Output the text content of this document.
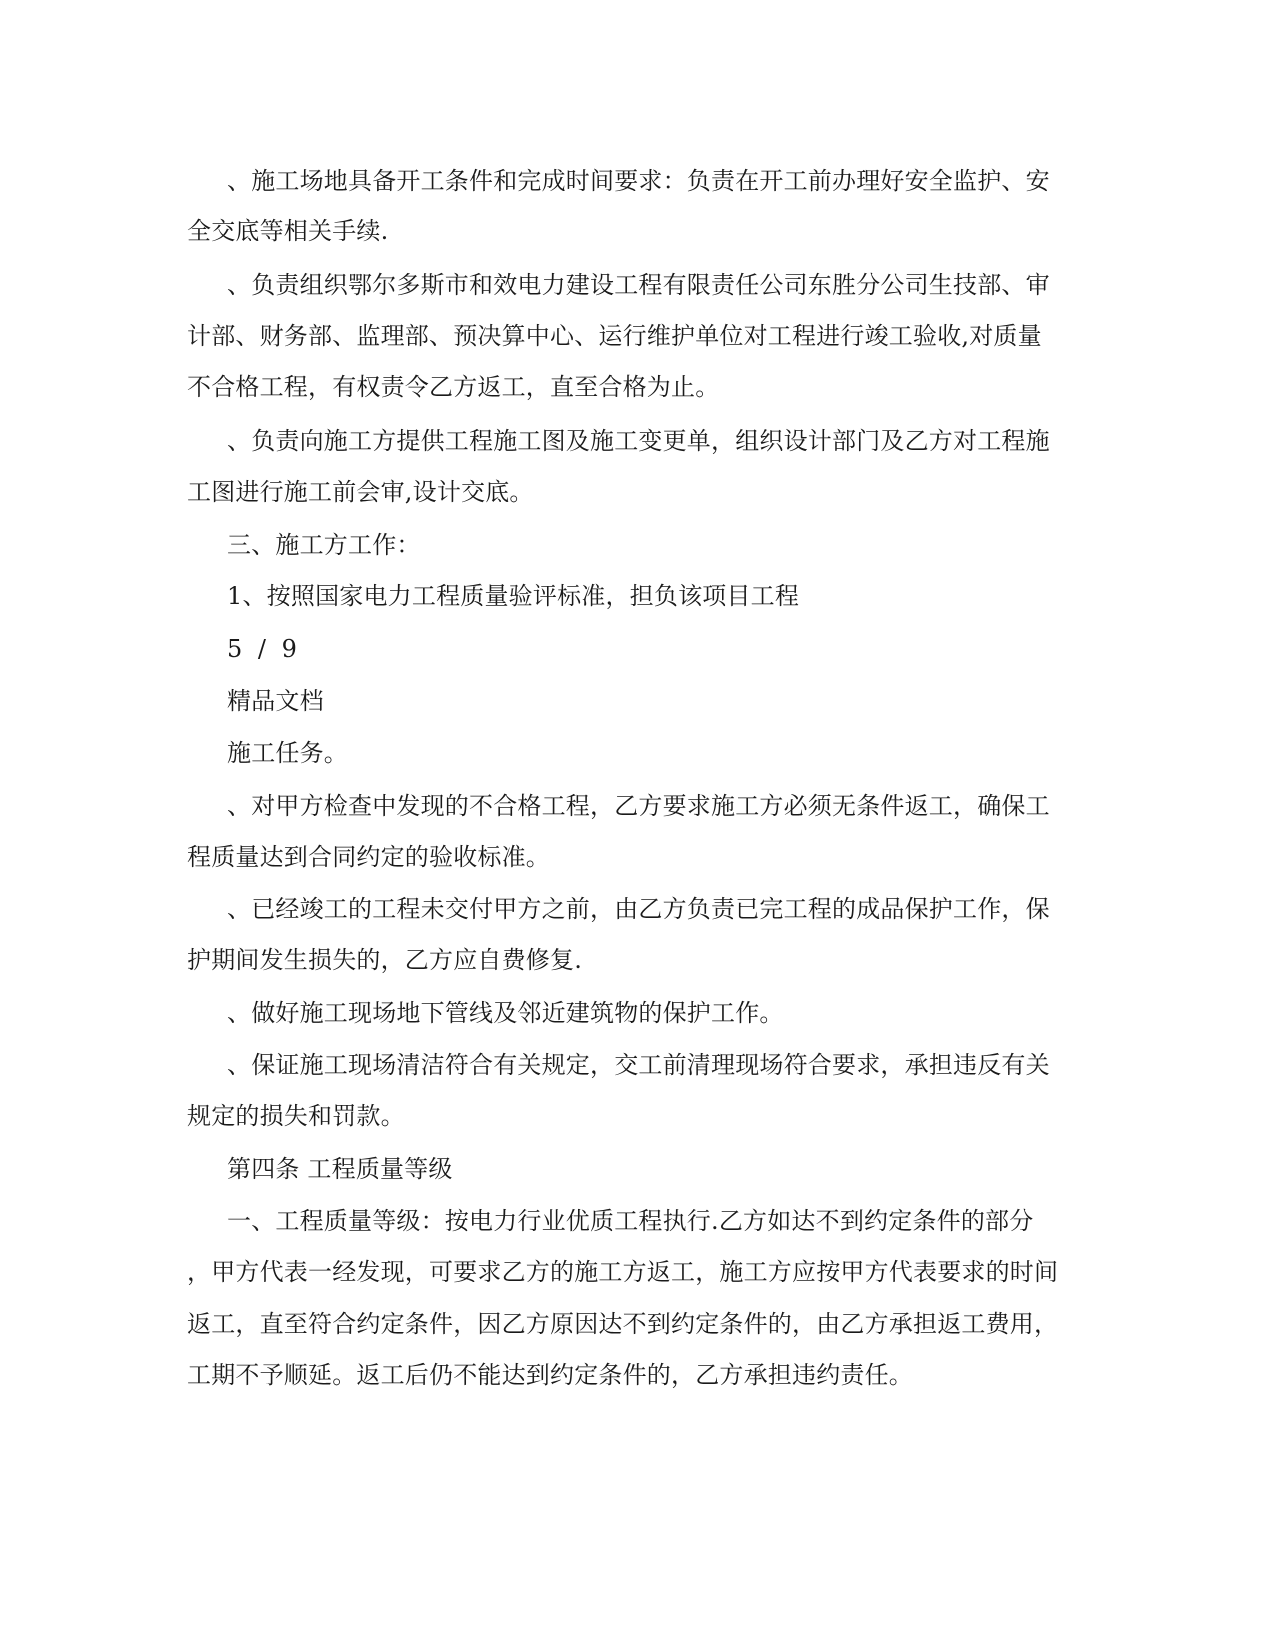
、施工场地具备开工条件和完成时间要求：负责在开工前办理好安全监护、安
全交底等相关手续.
、负责组织鄂尔多斯市和效电力建设工程有限责任公司东胜分公司生技部、审
计部、财务部、监理部、预决算中心、运行维护单位对工程进行竣工验收,对质量
不合格工程，有权责令乙方返工，直至合格为止。
、负责向施工方提供工程施工图及施工变更单，组织设计部门及乙方对工程施
工图进行施工前会审,设计交底。
三、施工方工作：
1、按照国家电力工程质量验评标准，担负该项目工程
5 / 9
精品文档
施工任务。
、对甲方检查中发现的不合格工程，乙方要求施工方必须无条件返工，确保工
程质量达到合同约定的验收标准。
、已经竣工的工程未交付甲方之前，由乙方负责已完工程的成品保护工作，保
护期间发生损失的，乙方应自费修复.
、做好施工现场地下管线及邻近建筑物的保护工作。
、保证施工现场清洁符合有关规定，交工前清理现场符合要求，承担违反有关
规定的损失和罚款。
第四条 工程质量等级
一、工程质量等级：按电力行业优质工程执行.乙方如达不到约定条件的部分
，甲方代表一经发现，可要求乙方的施工方返工，施工方应按甲方代表要求的时间
返工，直至符合约定条件，因乙方原因达不到约定条件的，由乙方承担返工费用，
工期不予顺延。返工后仍不能达到约定条件的，乙方承担违约责任。
